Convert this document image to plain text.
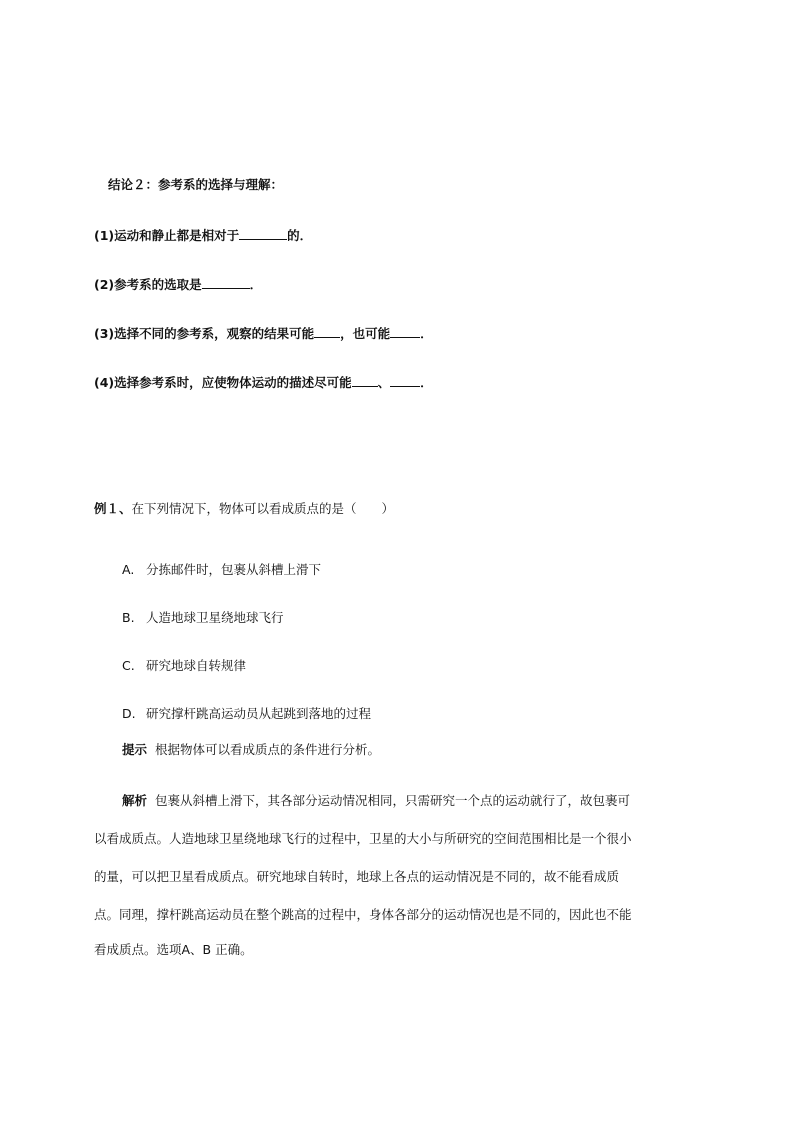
结论２：参考系的选择与理解：
(1)运动和静止都是相对于	的．
(2)参考系的选取是	．
(3)选择不同的参考系，观察的结果可能 ，也可能 ．
(4)选择参考系时，应使物体运动的描述尽可能 、 ．
例１、在下列情况下，物体可以看成质点的是（　　）
A. 分拣邮件时，包裹从斜槽上滑下
B. 人造地球卫星绕地球飞行
C. 研究地球自转规律
D. 研究撑杆跳高运动员从起跳到落地的过程
提示 根据物体可以看成质点的条件进行分析。
解析 包裹从斜槽上滑下，其各部分运动情况相同，只需研究一个点的运动就行了，故包裹可
以看成质点。人造地球卫星绕地球飞行的过程中，卫星的大小与所研究的空间范围相比是一个很小
的量，可以把卫星看成质点。研究地球自转时，地球上各点的运动情况是不同的，故不能看成质
点。同理，撑杆跳高运动员在整个跳高的过程中，身体各部分的运动情况也是不同的，因此也不能
看成质点。选项A、B 正确。
